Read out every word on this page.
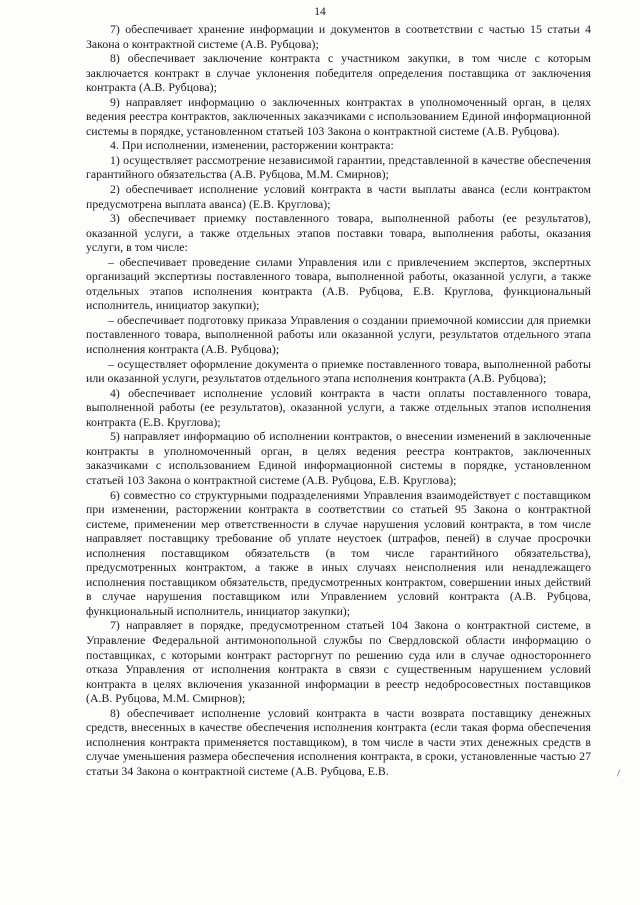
14

7) обеспечивает хранение информации и документов в соответствии с частью 15 статьи 4 Закона о контрактной системе (А.В. Рубцова);

8) обеспечивает заключение контракта с участником закупки, в том числе с которым заключается контракт в случае уклонения победителя определения поставщика от заключения контракта (А.В. Рубцова);

9) направляет информацию о заключенных контрактах в уполномоченный орган, в целях ведения реестра контрактов, заключенных заказчиками с использованием Единой информационной системы в порядке, установленном статьей 103 Закона о контрактной системе (А.В. Рубцова).

4. При исполнении, изменении, расторжении контракта:

1) осуществляет рассмотрение независимой гарантии, представленной в качестве обеспечения гарантийного обязательства (А.В. Рубцова, М.М. Смирнов);

2) обеспечивает исполнение условий контракта в части выплаты аванса (если контрактом предусмотрена выплата аванса) (Е.В. Круглова);

3) обеспечивает приемку поставленного товара, выполненной работы (ее результатов), оказанной услуги, а также отдельных этапов поставки товара, выполнения работы, оказания услуги, в том числе:

– обеспечивает проведение силами Управления или с привлечением экспертов, экспертных организаций экспертизы поставленного товара, выполненной работы, оказанной услуги, а также отдельных этапов исполнения контракта (А.В. Рубцова, Е.В. Круглова, функциональный исполнитель, инициатор закупки);

– обеспечивает подготовку приказа Управления о создании приемочной комиссии для приемки поставленного товара, выполненной работы или оказанной услуги, результатов отдельного этапа исполнения контракта (А.В. Рубцова);

– осуществляет оформление документа о приемке поставленного товара, выполненной работы или оказанной услуги, результатов отдельного этапа исполнения контракта (А.В. Рубцова);

4) обеспечивает исполнение условий контракта в части оплаты поставленного товара, выполненной работы (ее результатов), оказанной услуги, а также отдельных этапов исполнения контракта (Е.В. Круглова);

5) направляет информацию об исполнении контрактов, о внесении изменений в заключенные контракты в уполномоченный орган, в целях ведения реестра контрактов, заключенных заказчиками с использованием Единой информационной системы в порядке, установленном статьей 103 Закона о контрактной системе (А.В. Рубцова, Е.В. Круглова);

6) совместно со структурными подразделениями Управления взаимодействует с поставщиком при изменении, расторжении контракта в соответствии со статьей 95 Закона о контрактной системе, применении мер ответственности в случае нарушения условий контракта, в том числе направляет поставщику требование об уплате неустоек (штрафов, пеней) в случае просрочки исполнения поставщиком обязательств (в том числе гарантийного обязательства), предусмотренных контрактом, а также в иных случаях неисполнения или ненадлежащего исполнения поставщиком обязательств, предусмотренных контрактом, совершении иных действий в случае нарушения поставщиком или Управлением условий контракта (А.В. Рубцова, функциональный исполнитель, инициатор закупки);

7) направляет в порядке, предусмотренном статьей 104 Закона о контрактной системе, в Управление Федеральной антимонопольной службы по Свердловской области информацию о поставщиках, с которыми контракт расторгнут по решению суда или в случае одностороннего отказа Управления от исполнения контракта в связи с существенным нарушением условий контракта в целях включения указанной информации в реестр недобросовестных поставщиков (А.В. Рубцова, М.М. Смирнов);

8) обеспечивает исполнение условий контракта в части возврата поставщику денежных средств, внесенных в качестве обеспечения исполнения контракта (если такая форма обеспечения исполнения контракта применяется поставщиком), в том числе в части этих денежных средств в случае уменьшения размера обеспечения исполнения контракта, в сроки, установленные частью 27 статьи 34 Закона о контрактной системе (А.В. Рубцова, Е.В.
